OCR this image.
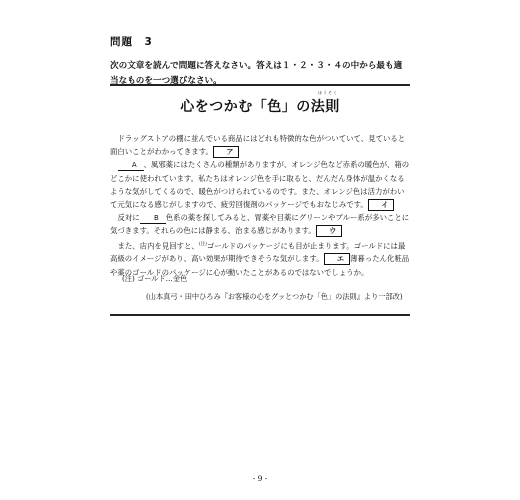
問題　3
次の文章を読んで問題に答えなさい。答えは１・２・３・４の中から最も適当なものを一つ選びなさい。
心をつかむ「色」の法則
ほうそく

ドラッグストアの棚に並んでいる商品にはどれも特徴的な色がついていて、見ていると面白いことがわかってきます。 ア

A 、風邪薬にはたくさんの種類がありますが、オレンジ色など赤系の暖色が、箱のどこかに使われています。私たちはオレンジ色を手に取ると、だんだん身体が温かくなるような気がしてくるので、暖色がつけられているのです。また、オレンジ色は活力がわいて元気になる感じがしますので、疲労回復剤のパッケージでもおなじみです。 イ

反対に B 色系の薬を探してみると、胃薬や目薬にグリーンやブルー系が多いことに気づきます。それらの色には静まる、治まる感じがあります。 ウ

また、店内を見回すと、$^{(注)}$ゴールドのパッケージにも目が止まります。ゴールドには最高級のイメージがあり、高い効果が期待できそうな気がします。 エ 薄暮ったん化粧品や薬のゴールドのパッケージに心が動いたことがあるのではないでしょうか。

(注) ゴールド…金色
(山本真弓・田中ひろみ『お客様の心をグッとつかむ「色」の法則』より一部改)
- 9 -
